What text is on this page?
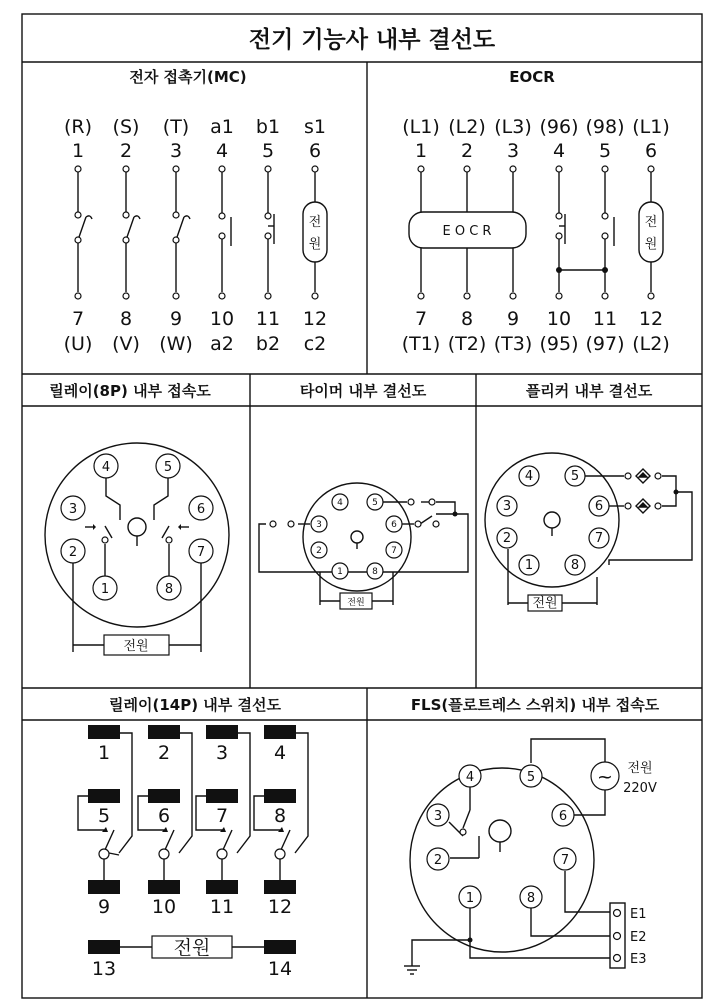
전기 기능사 내부 결선도
전자 접촉기(MC)	EOCR
릴레이(8P) 내부 접속도	타이머 내부 결선도	플리커 내부 결선도
릴레이(14P) 내부 결선도	FLS(플로트레스 스위치) 내부 접속도
(R) (S) (T) a1 b1 s1
1 2 3 4 5 6
전
원
7 8 9 10 11 12
(U) (V) (W) a2 b2 c2
(L1) (L2) (L3) (96) (98) (L1)
1 2 3 4 5 6
E O C R
전
원
7 8 9 10 11 12
(T1) (T2) (T3) (95) (97) (L2)
4	5
3	6
2	7
1	8
전원
4	5
3	6
2	7
1	8
전원
4	5
3	6
2	7
1	8
전원
1	2 3 4
5	6 7 8
9 10 11 12
13	14
전원
~
4	5
3	6
2	7
1	8
전원
220V
E1
E2
E3
